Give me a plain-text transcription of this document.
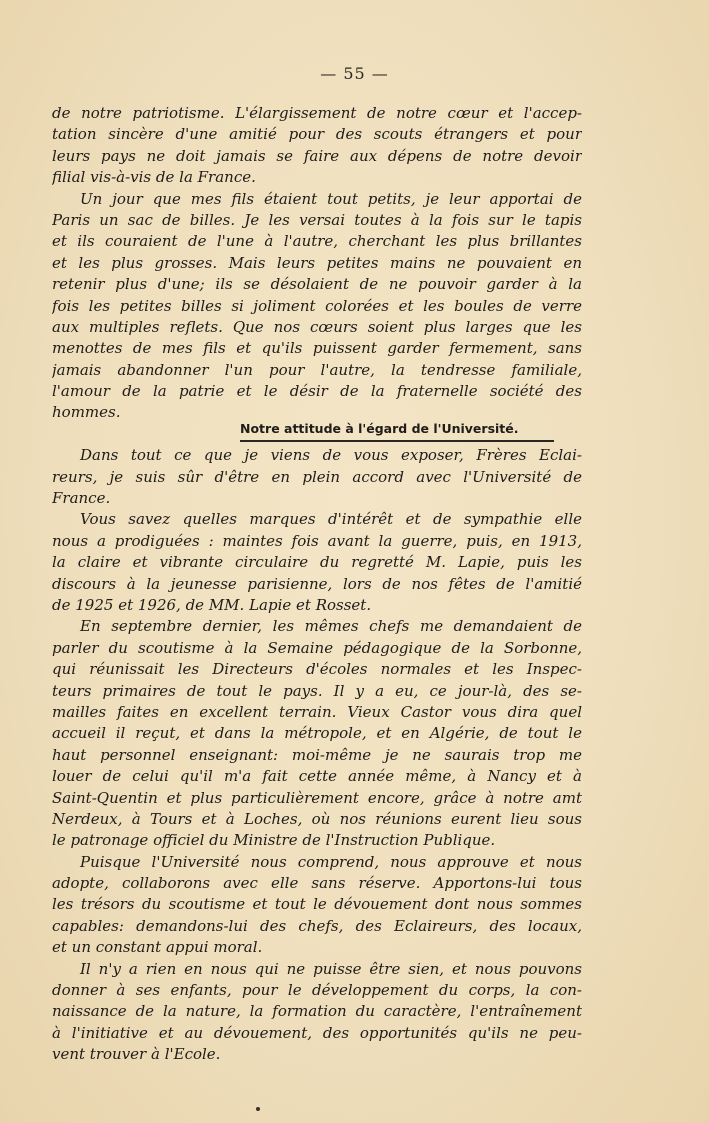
— 55 —
de notre patriotisme. L'élargissement de notre cœur et l'accep-
tation sincère d'une amitié pour des scouts étrangers et pour
leurs pays ne doit jamais se faire aux dépens de notre devoir
filial vis-à-vis de la France.
Un jour que mes fils étaient tout petits, je leur apportai de
Paris un sac de billes. Je les versai toutes à la fois sur le tapis
et ils couraient de l'une à l'autre, cherchant les plus brillantes
et les plus grosses. Mais leurs petites mains ne pouvaient en
retenir plus d'une; ils se désolaient de ne pouvoir garder à la
fois les petites billes si joliment colorées et les boules de verre
aux multiples reflets. Que nos cœurs soient plus larges que les
menottes de mes fils et qu'ils puissent garder fermement, sans
jamais abandonner l'un pour l'autre, la tendresse familiale,
l'amour de la patrie et le désir de la fraternelle société des
hommes.
Dans tout ce que je viens de vous exposer, Frères Eclai-
reurs, je suis sûr d'être en plein accord avec l'Université de
France.
Vous savez quelles marques d'intérêt et de sympathie elle
nous a prodiguées : maintes fois avant la guerre, puis, en 1913,
la claire et vibrante circulaire du regretté M. Lapie, puis les
discours à la jeunesse parisienne, lors de nos fêtes de l'amitié
de 1925 et 1926, de MM. Lapie et Rosset.
En septembre dernier, les mêmes chefs me demandaient de
parler du scoutisme à la Semaine pédagogique de la Sorbonne,
qui réunissait les Directeurs d'écoles normales et les Inspec-
teurs primaires de tout le pays. Il y a eu, ce jour-là, des se-
mailles faites en excellent terrain. Vieux Castor vous dira quel
accueil il reçut, et dans la métropole, et en Algérie, de tout le
haut personnel enseignant: moi-même je ne saurais trop me
louer de celui qu'il m'a fait cette année même, à Nancy et à
Saint-Quentin et plus particulièrement encore, grâce à notre amt
Nerdeux, à Tours et à Loches, où nos réunions eurent lieu sous
le patronage officiel du Ministre de l'Instruction Publique.
Puisque l'Université nous comprend, nous approuve et nous
adopte, collaborons avec elle sans réserve. Apportons-lui tous
les trésors du scoutisme et tout le dévouement dont nous sommes
capables: demandons-lui des chefs, des Eclaireurs, des locaux,
et un constant appui moral.
Il n'y a rien en nous qui ne puisse être sien, et nous pouvons
donner à ses enfants, pour le développement du corps, la con-
naissance de la nature, la formation du caractère, l'entraînement
à l'initiative et au dévouement, des opportunités qu'ils ne peu-
vent trouver à l'Ecole.
Notre attitude à l'égard de l'Université.
